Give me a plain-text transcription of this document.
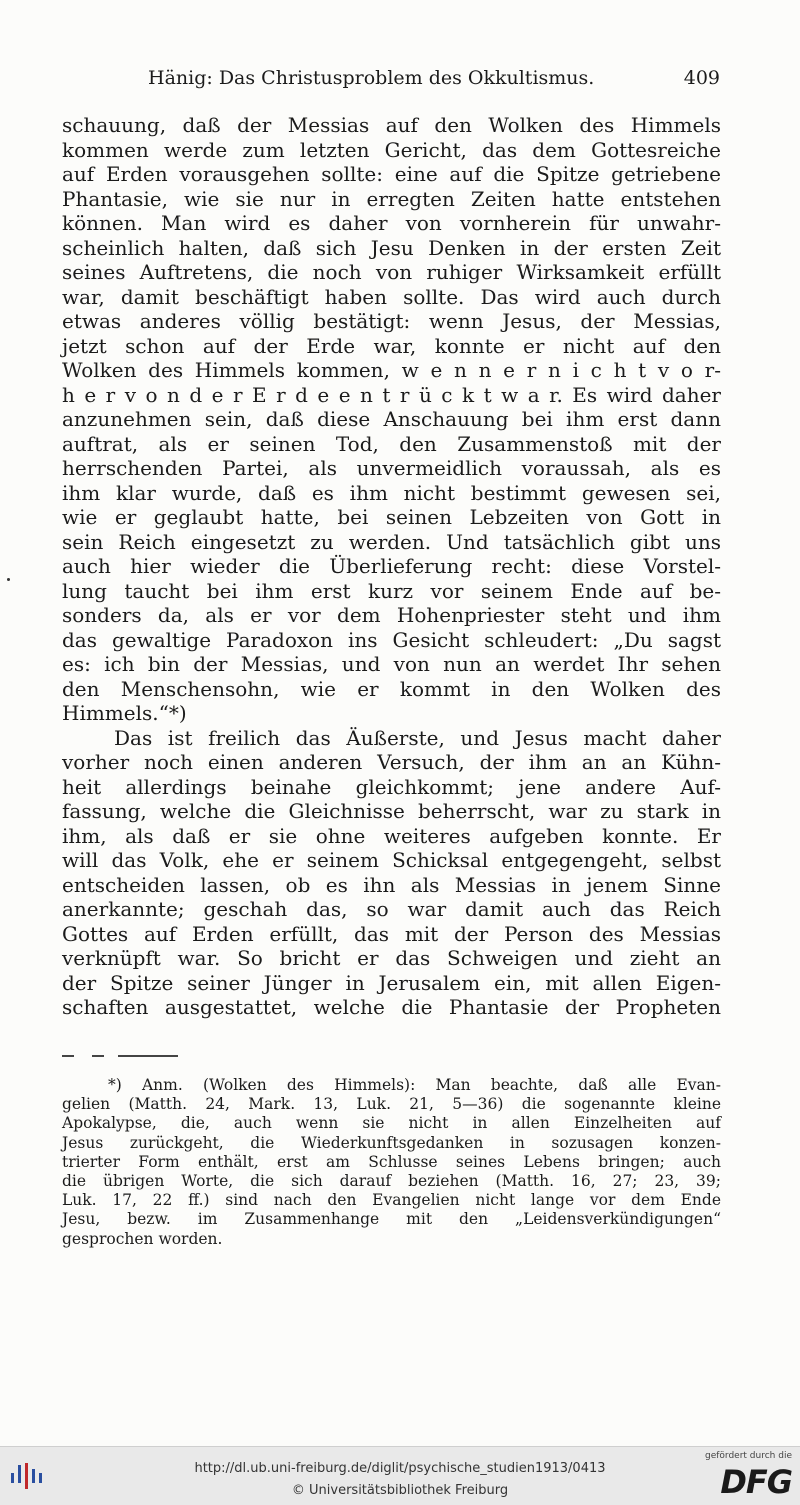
Hänig: Das Christusproblem des Okkultismus.	409
schauung, daß der Messias auf den Wolken des Himmels
kommen werde zum letzten Gericht, das dem Gottesreiche
auf Erden vorausgehen sollte: eine auf die Spitze getriebene
Phantasie, wie sie nur in erregten Zeiten hatte entstehen
können. Man wird es daher von vornherein für unwahr-
scheinlich halten, daß sich Jesu Denken in der ersten Zeit
seines Auftretens, die noch von ruhiger Wirksamkeit erfüllt
war, damit beschäftigt haben sollte. Das wird auch durch
etwas anderes völlig bestätigt: wenn Jesus, der Messias,
jetzt schon auf der Erde war, konnte er nicht auf den
Wolken des Himmels kommen, w e n n e r n i c h t v o r-
h e r v o n d e r E r d e e n t r ü c k t w a r. Es wird daher
anzunehmen sein, daß diese Anschauung bei ihm erst dann
auftrat, als er seinen Tod, den Zusammenstoß mit der
herrschenden Partei, als unvermeidlich voraussah, als es
ihm klar wurde, daß es ihm nicht bestimmt gewesen sei,
wie er geglaubt hatte, bei seinen Lebzeiten von Gott in
sein Reich eingesetzt zu werden. Und tatsächlich gibt uns
auch hier wieder die Überlieferung recht: diese Vorstel-
lung taucht bei ihm erst kurz vor seinem Ende auf be-
sonders da, als er vor dem Hohenpriester steht und ihm
das gewaltige Paradoxon ins Gesicht schleudert: „Du sagst
es: ich bin der Messias, und von nun an werdet Ihr sehen
den Menschensohn, wie er kommt in den Wolken des
Himmels.“*)
Das ist freilich das Äußerste, und Jesus macht daher
vorher noch einen anderen Versuch, der ihm an an Kühn-
heit allerdings beinahe gleichkommt; jene andere Auf-
fassung, welche die Gleichnisse beherrscht, war zu stark in
ihm, als daß er sie ohne weiteres aufgeben konnte. Er
will das Volk, ehe er seinem Schicksal entgegengeht, selbst
entscheiden lassen, ob es ihn als Messias in jenem Sinne
anerkannte; geschah das, so war damit auch das Reich
Gottes auf Erden erfüllt, das mit der Person des Messias
verknüpft war. So bricht er das Schweigen und zieht an
der Spitze seiner Jünger in Jerusalem ein, mit allen Eigen-
schaften ausgestattet, welche die Phantasie der Propheten
*) Anm. (Wolken des Himmels): Man beachte, daß alle Evan-
gelien (Matth. 24, Mark. 13, Luk. 21, 5—36) die sogenannte kleine
Apokalypse, die, auch wenn sie nicht in allen Einzelheiten auf
Jesus zurückgeht, die Wiederkunftsgedanken in sozusagen konzen-
trierter Form enthält, erst am Schlusse seines Lebens bringen; auch
die übrigen Worte, die sich darauf beziehen (Matth. 16, 27; 23, 39;
Luk. 17, 22 ff.) sind nach den Evangelien nicht lange vor dem Ende
Jesu, bezw. im Zusammenhange mit den „Leidensverkündigungen“
gesprochen worden.
http://dl.ub.uni-freiburg.de/diglit/psychische_studien1913/0413
© Universitätsbibliothek Freiburg
gefördert durch die
DFG
